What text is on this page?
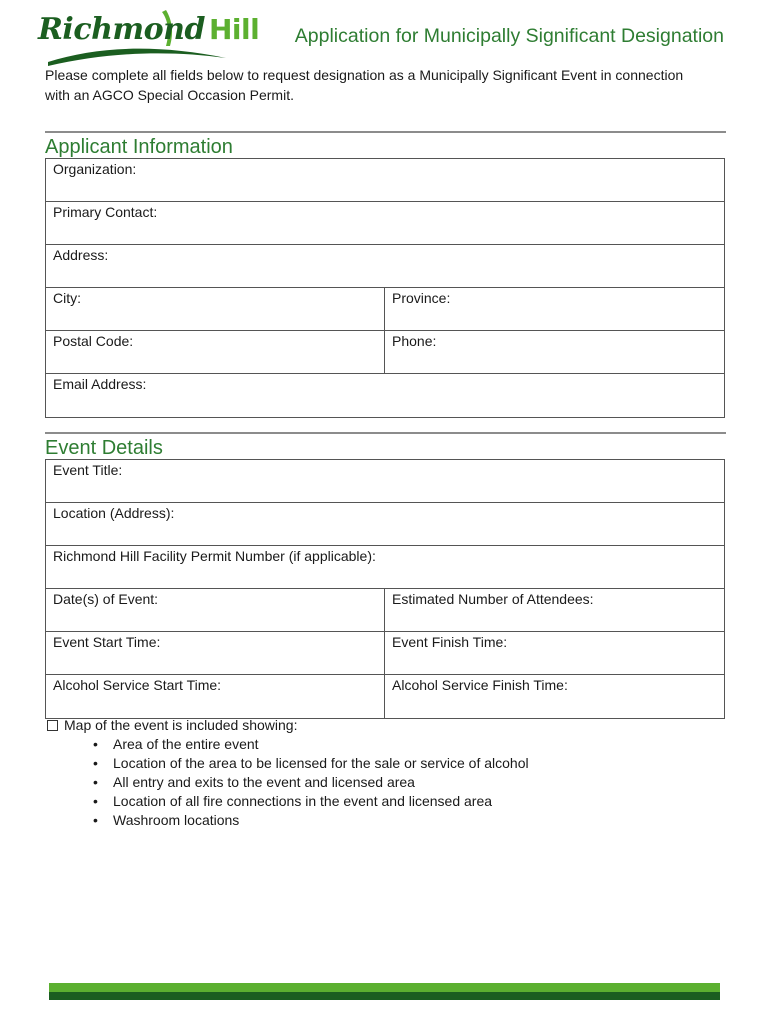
Richmond Hill Application for Municipally Significant Designation
Please complete all fields below to request designation as a Municipally Significant Event in connection with an AGCO Special Occasion Permit.
Applicant Information
Organization:
Primary Contact:
Address:
City:	Province:
Postal Code:	Phone:
Email Address:
Event Details
Event Title:
Location (Address):
Richmond Hill Facility Permit Number (if applicable):
Date(s) of Event:	Estimated Number of Attendees:
Event Start Time:	Event Finish Time:
Alcohol Service Start Time:	Alcohol Service Finish Time:
Map of the event is included showing:
• Area of the entire event
• Location of the area to be licensed for the sale or service of alcohol
• All entry and exits to the event and licensed area
• Location of all fire connections in the event and licensed area
• Washroom locations
